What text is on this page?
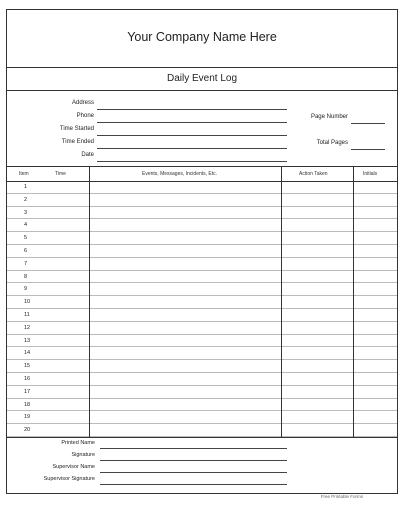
Your Company Name Here
Daily Event Log
Address
Phone
Time Started
Time Ended
Date
Page Number
Total Pages
Item	Time	Events, Messages, Incidents, Etc.	Action Taken	Initials
1
2
3
4
5
6
7
8
9
10
11
12
13
14
15
16
17
18
19
20
Printed Name
Signature
Supervisor Name
Supervisor Signature
Free Printable Forms
